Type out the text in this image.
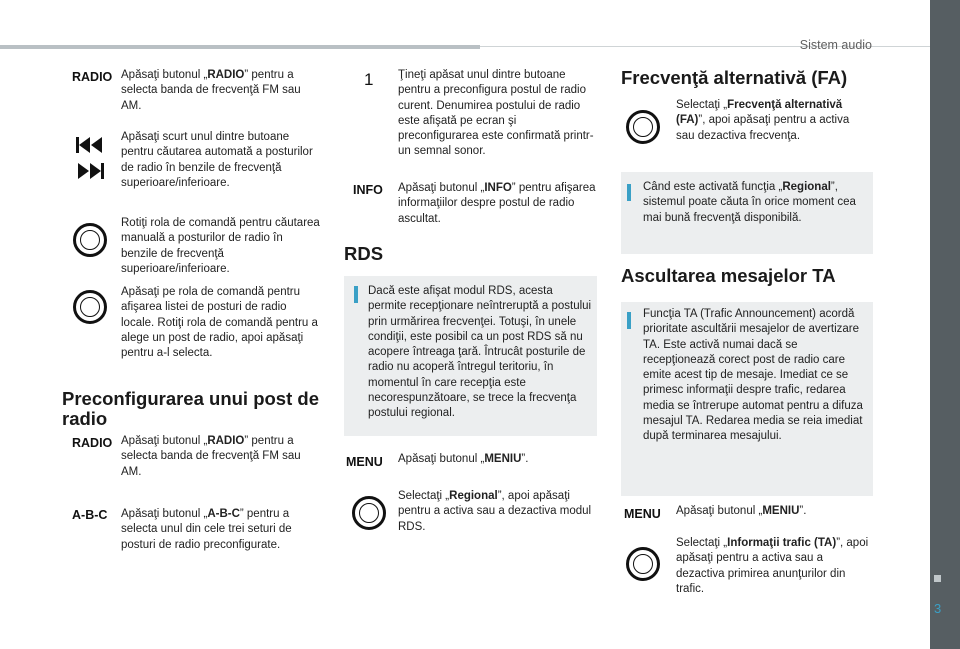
Sistem audio
3
RADIO Apăsaţi butonul „RADIO” pentru a selecta banda de frecvenţă FM sau AM.
Apăsaţi scurt unul dintre butoane pentru căutarea automată a posturilor de radio în benzile de frecvenţă superioare/inferioare.
Rotiţi rola de comandă pentru căutarea manuală a posturilor de radio în benzile de frecvenţă superioare/inferioare.
Apăsaţi pe rola de comandă pentru afişarea listei de posturi de radio locale. Rotiţi rola de comandă pentru a alege un post de radio, apoi apăsaţi pentru a-l selecta.
Preconfigurarea unui post de radio
RADIO Apăsaţi butonul „RADIO” pentru a selecta banda de frecvenţă FM sau AM.
A-B-C Apăsaţi butonul „A-B-C” pentru a selecta unul din cele trei seturi de posturi de radio preconfigurate.
1 Ţineţi apăsat unul dintre butoane pentru a preconfigura postul de radio curent. Denumirea postului de radio este afişată pe ecran şi preconfigurarea este confirmată printr-un semnal sonor.
INFO Apăsaţi butonul „INFO” pentru afişarea informaţiilor despre postul de radio ascultat.
RDS
Dacă este afişat modul RDS, acesta permite recepţionare neîntreruptă a postului prin urmărirea frecvenţei. Totuşi, în unele condiţii, este posibil ca un post RDS să nu acopere întreaga ţară. Întrucât posturile de radio nu acoperă întregul teritoriu, în momentul în care recepţia este necorespunzătoare, se trece la frecvenţa postului regional.
MENU Apăsaţi butonul „MENIU”.
Selectaţi „Regional”, apoi apăsaţi pentru a activa sau a dezactiva modul RDS.
Frecvenţă alternativă (FA)
Selectaţi „Frecvenţă alternativă (FA)”, apoi apăsaţi pentru a activa sau dezactiva frecvenţa.
Când este activată funcţia „Regional”, sistemul poate căuta în orice moment cea mai bună frecvenţă disponibilă.
Ascultarea mesajelor TA
Funcţia TA (Trafic Announcement) acordă prioritate ascultării mesajelor de avertizare TA. Este activă numai dacă se recepţionează corect post de radio care emite acest tip de mesaje. Imediat ce se primesc informaţii despre trafic, redarea media se întrerupe automat pentru a difuza mesajul TA. Redarea media se reia imediat după terminarea mesajului.
MENU Apăsaţi butonul „MENIU”.
Selectaţi „Informaţii trafic (TA)”, apoi apăsaţi pentru a activa sau a dezactiva primirea anunţurilor din trafic.
